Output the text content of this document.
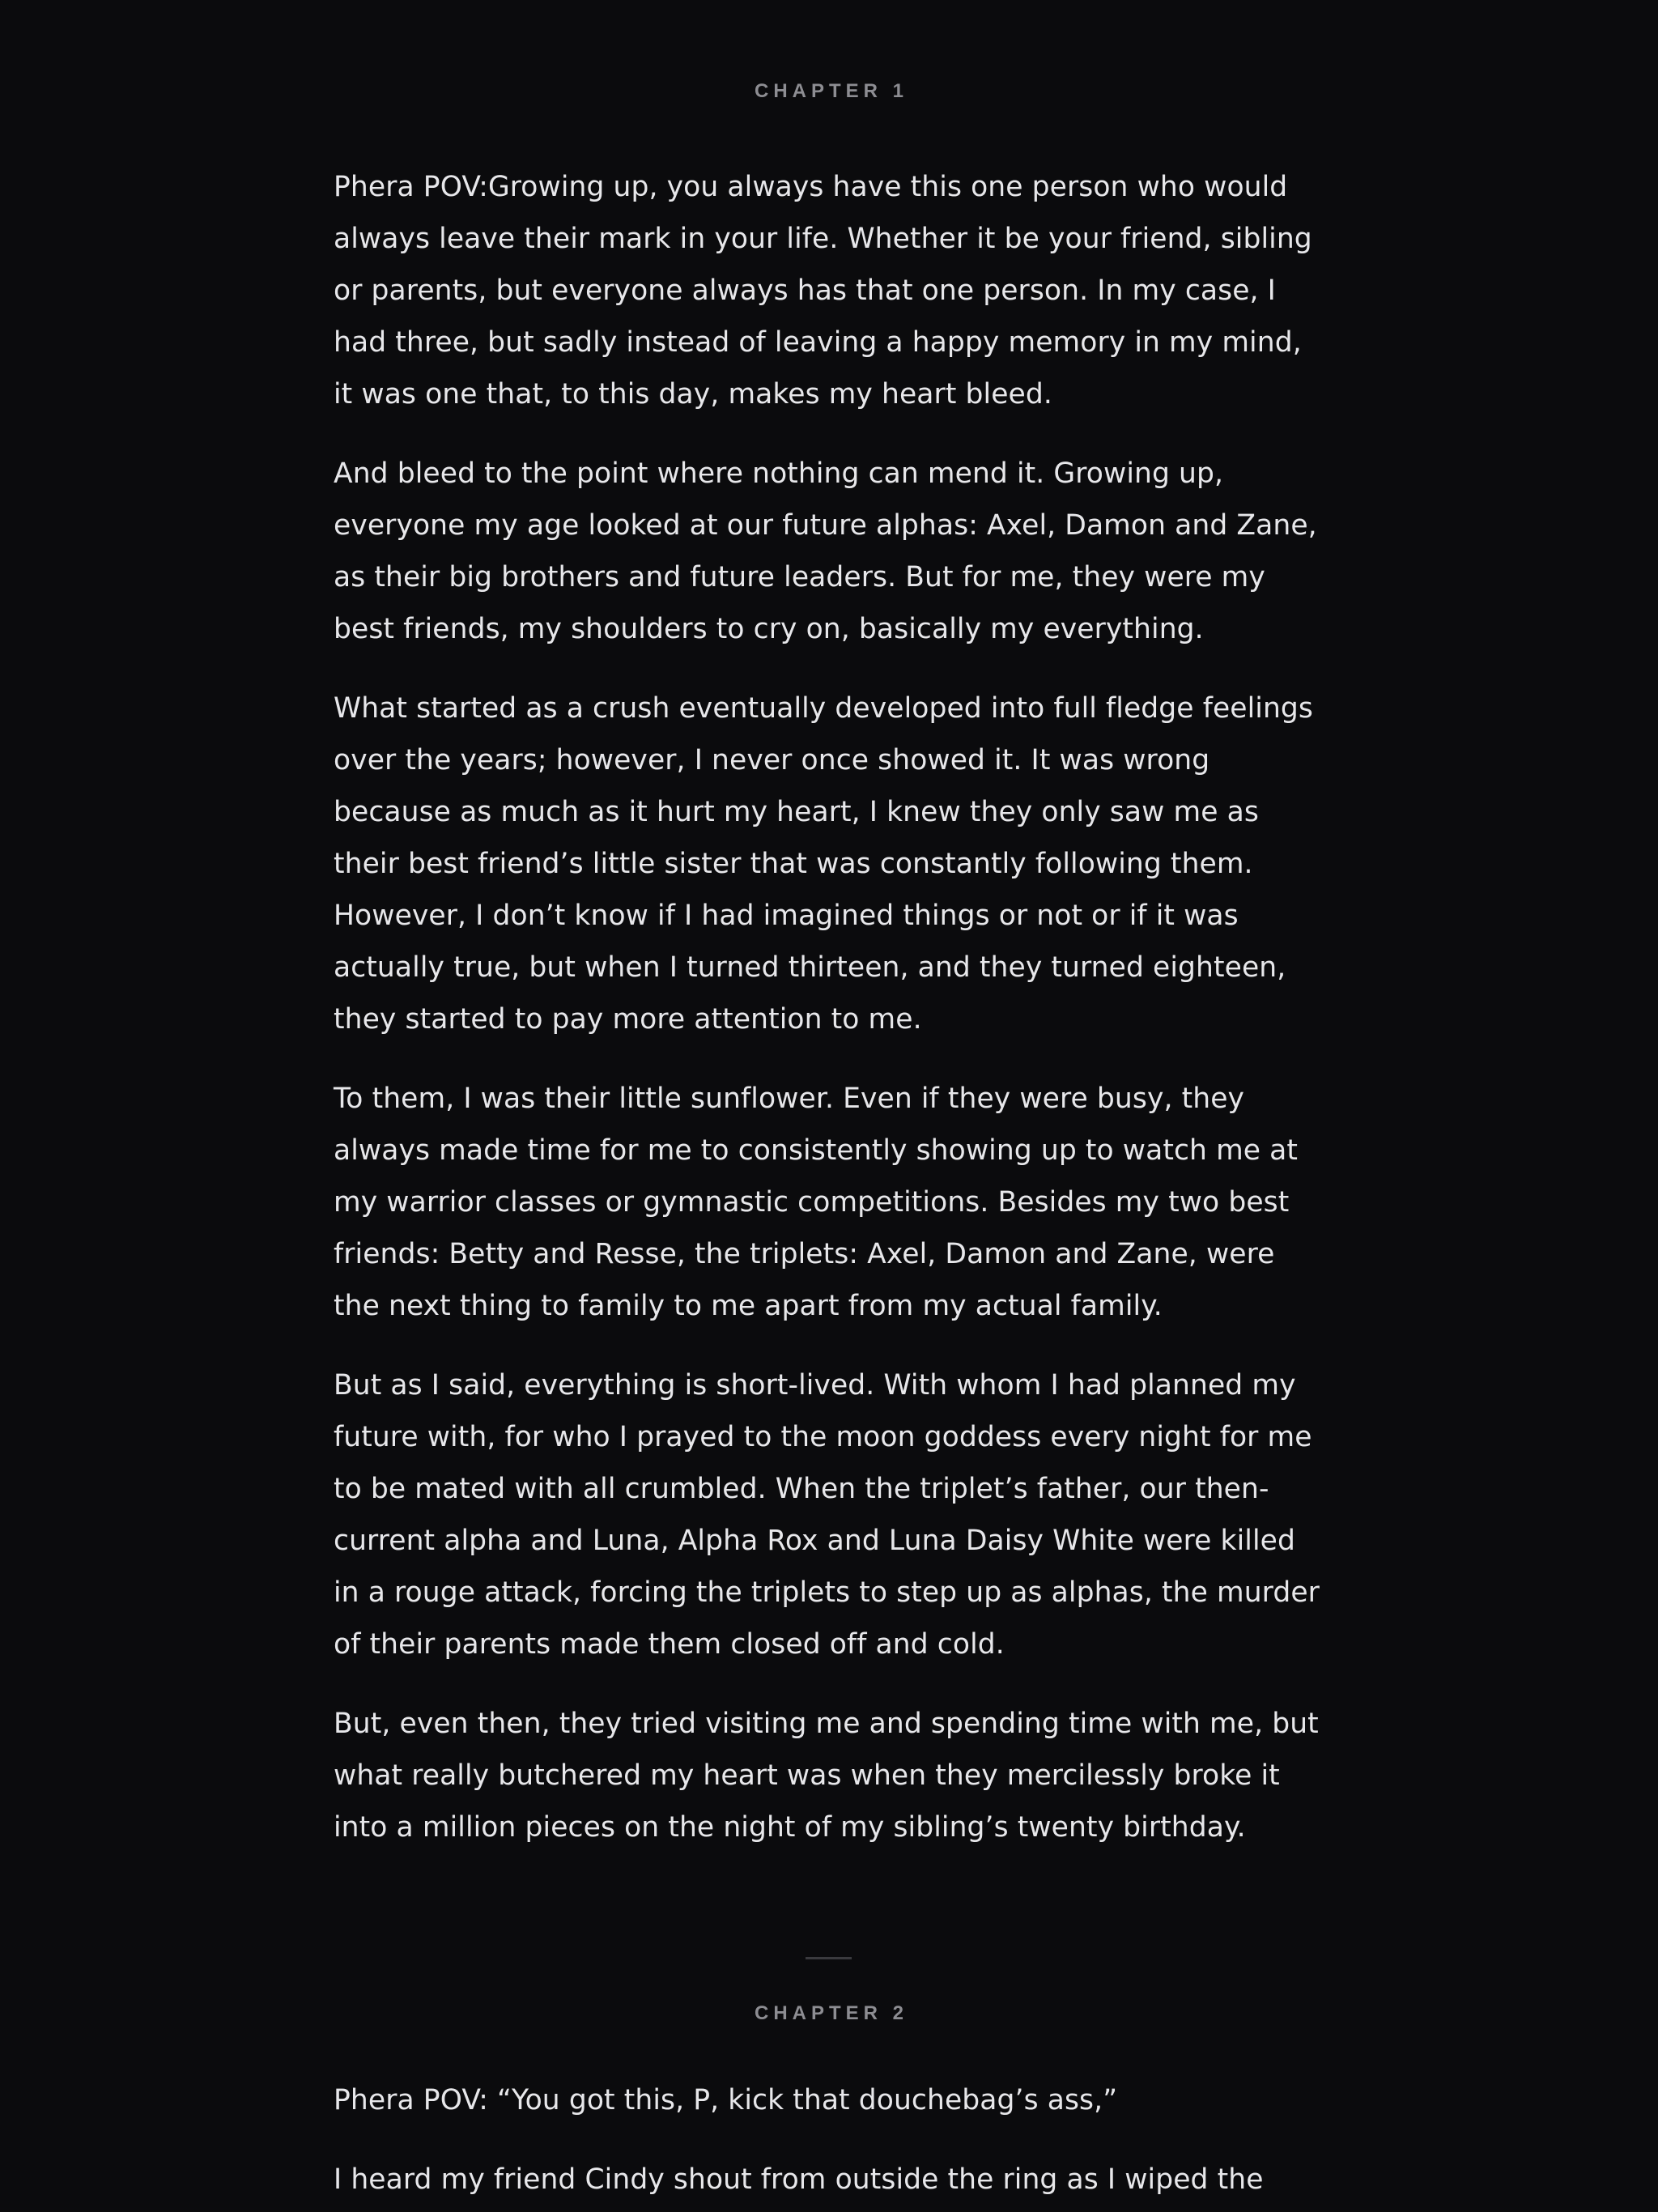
CHAPTER 1

Phera POV:Growing up, you always have this one person who would always leave their mark in your life. Whether it be your friend, sibling or parents, but everyone always has that one person. In my case, I had three, but sadly instead of leaving a happy memory in my mind, it was one that, to this day, makes my heart bleed.

And bleed to the point where nothing can mend it. Growing up, everyone my age looked at our future alphas: Axel, Damon and Zane, as their big brothers and future leaders. But for me, they were my best friends, my shoulders to cry on, basically my everything.

What started as a crush eventually developed into full fledge feelings over the years; however, I never once showed it. It was wrong because as much as it hurt my heart, I knew they only saw me as their best friend’s little sister that was constantly following them. However, I don’t know if I had imagined things or not or if it was actually true, but when I turned thirteen, and they turned eighteen, they started to pay more attention to me.

To them, I was their little sunflower. Even if they were busy, they always made time for me to consistently showing up to watch me at my warrior classes or gymnastic competitions. Besides my two best friends: Betty and Resse, the triplets: Axel, Damon and Zane, were the next thing to family to me apart from my actual family.

But as I said, everything is short-lived. With whom I had planned my future with, for who I prayed to the moon goddess every night for me to be mated with all crumbled. When the triplet’s father, our then-current alpha and Luna, Alpha Rox and Luna Daisy White were killed in a rouge attack, forcing the triplets to step up as alphas, the murder of their parents made them closed off and cold.

But, even then, they tried visiting me and spending time with me, but what really butchered my heart was when they mercilessly broke it into a million pieces on the night of my sibling’s twenty birthday.

CHAPTER 2

Phera POV: “You got this, P, kick that douchebag’s ass,”

I heard my friend Cindy shout from outside the ring as I wiped the
